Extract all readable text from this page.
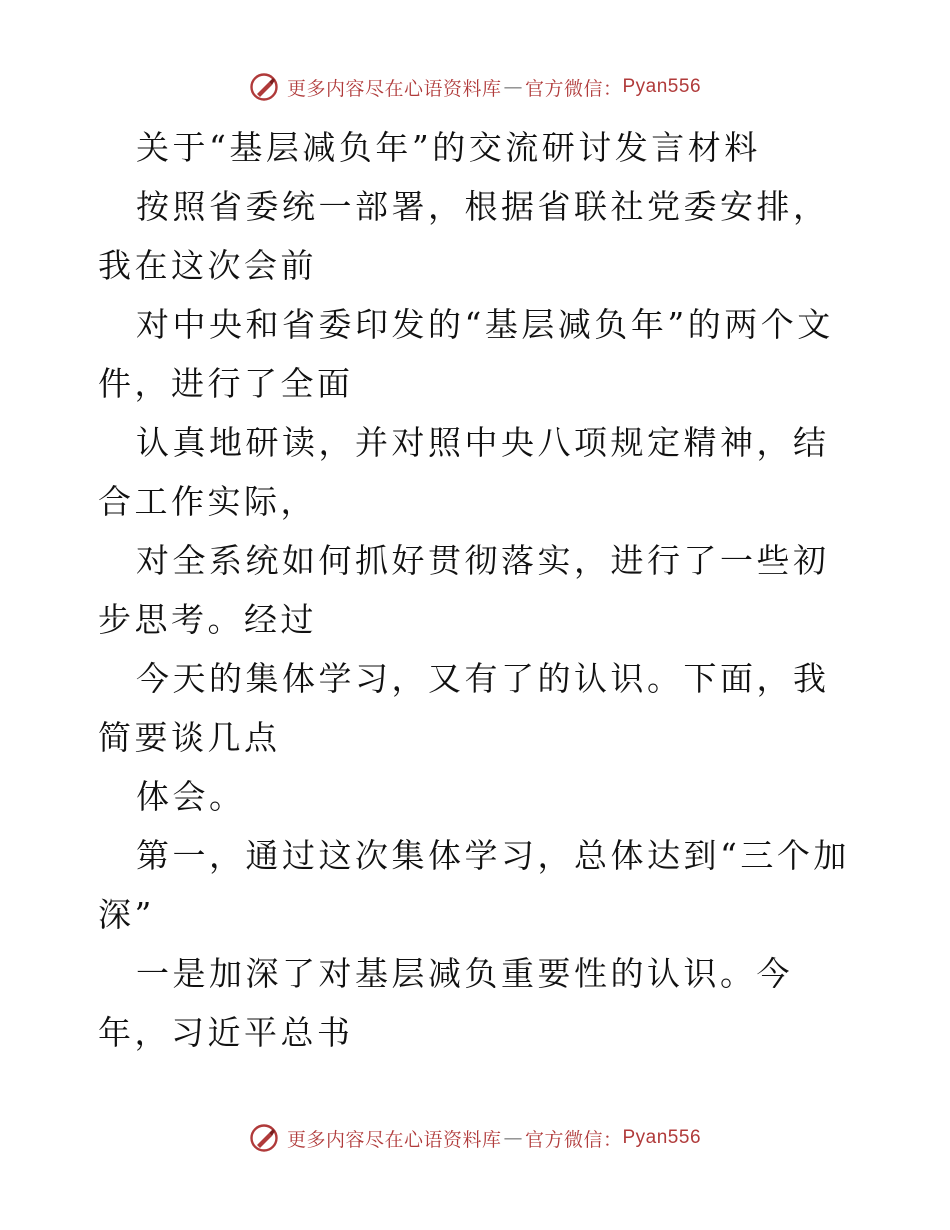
更多内容尽在心语资料库 — 官方微信： Pyan556

关于“基层减负年”的交流研讨发言材料

按照省委统一部署，根据省联社党委安排，我在这次会前

对中央和省委印发的“基层减负年”的两个文件，进行了全面

认真地研读，并对照中央八项规定精神，结合工作实际，

对全系统如何抓好贯彻落实，进行了一些初步思考。经过

今天的集体学习，又有了的认识。下面，我简要谈几点

体会。

第一，通过这次集体学习，总体达到“三个加深”

一是加深了对基层减负重要性的认识。今年，习近平总书

更多内容尽在心语资料库 — 官方微信： Pyan556
